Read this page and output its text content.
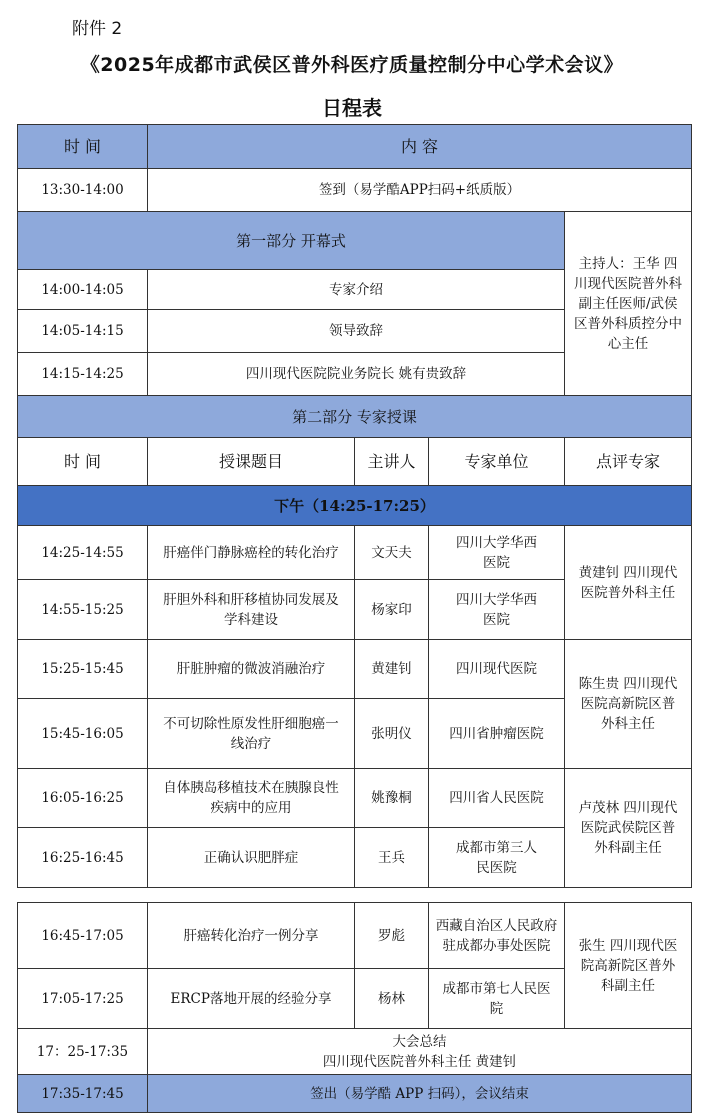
附件 2
《2025年成都市武侯区普外科医疗质量控制分中心学术会议》
日程表
时 间	内 容			
13:30-14:00	签到（易学酷APP扫码+纸质版）			
第一部分 开幕式				主持人：王华 四川现代医院普外科副主任医师/武侯区普外科质控分中心主任
14:00-14:05	专家介绍			
14:05-14:15	领导致辞			
14:15-14:25	四川现代医院院业务院长 姚有贵致辞			
第二部分 专家授课				
时 间	授课题目	主讲人	专家单位	点评专家
下午（14:25-17:25）				
14:25-14:55	肝癌伴门静脉癌栓的转化治疗	文天夫	四川大学华西医院	黄建钊 四川现代医院普外科主任
14:55-15:25	肝胆外科和肝移植协同发展及学科建设	杨家印	四川大学华西医院	
15:25-15:45	肝脏肿瘤的微波消融治疗	黄建钊	四川现代医院	陈生贵 四川现代医院高新院区普外科主任
15:45-16:05	不可切除性原发性肝细胞癌一线治疗	张明仪	四川省肿瘤医院	
16:05-16:25	自体胰岛移植技术在胰腺良性疾病中的应用	姚豫桐	四川省人民医院	卢茂林 四川现代医院武侯院区普外科副主任
16:25-16:45	正确认识肥胖症	王兵	成都市第三人民医院	
16:45-17:05	肝癌转化治疗一例分享	罗彪	西藏自治区人民政府驻成都办事处医院	张生 四川现代医院高新院区普外科副主任
17:05-17:25	ERCP落地开展的经验分享	杨林	成都市第七人民医院	
17：25-17:35	大会总结
四川现代医院普外科主任 黄建钊			

17:35-17:45	签出（易学酷 APP 扫码），会议结束			
